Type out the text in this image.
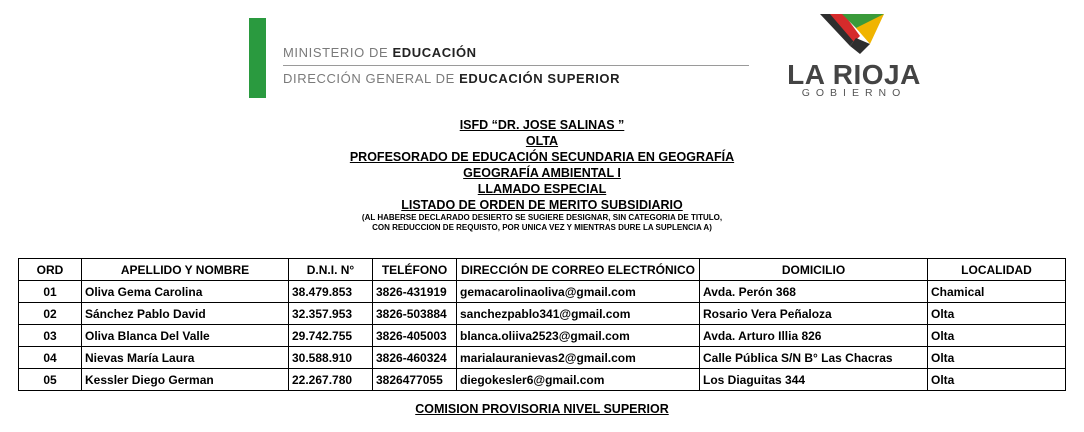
MINISTERIO DE EDUCACIÓN
DIRECCIÓN GENERAL DE EDUCACIÓN SUPERIOR	LA RIOJA
GOBIERNO
ISFD “DR. JOSE SALINAS ”
OLTA
PROFESORADO DE EDUCACIÓN SECUNDARIA EN GEOGRAFÍA
GEOGRAFÍA AMBIENTAL I
LLAMADO ESPECIAL
LISTADO DE ORDEN DE MERITO SUBSIDIARIO
(AL HABERSE DECLARADO DESIERTO SE SUGIERE DESIGNAR, SIN CATEGORIA DE TITULO,
CON REDUCCION DE REQUISTO, POR UNICA VEZ Y MIENTRAS DURE LA SUPLENCIA A)
ORD	APELLIDO Y NOMBRE	D.N.I. N°	TELÉFONO	DIRECCIÓN DE CORREO ELECTRÓNICO	DOMICILIO	LOCALIDAD
01	Oliva Gema Carolina	38.479.853	3826-431919	gemacarolinaoliva@gmail.com	Avda. Perón 368	Chamical
02	Sánchez Pablo David	32.357.953	3826-503884	sanchezpablo341@gmail.com	Rosario Vera Peñaloza	Olta
03	Oliva Blanca Del Valle	29.742.755	3826-405003	blanca.oliiva2523@gmail.com	Avda. Arturo Illia 826	Olta
04	Nievas María Laura	30.588.910	3826-460324	marialauranievas2@gmail.com	Calle Pública S/N B° Las Chacras	Olta
05	Kessler Diego German	22.267.780	3826477055	diegokesler6@gmail.com	Los Diaguitas 344	Olta
COMISION PROVISORIA NIVEL SUPERIOR
